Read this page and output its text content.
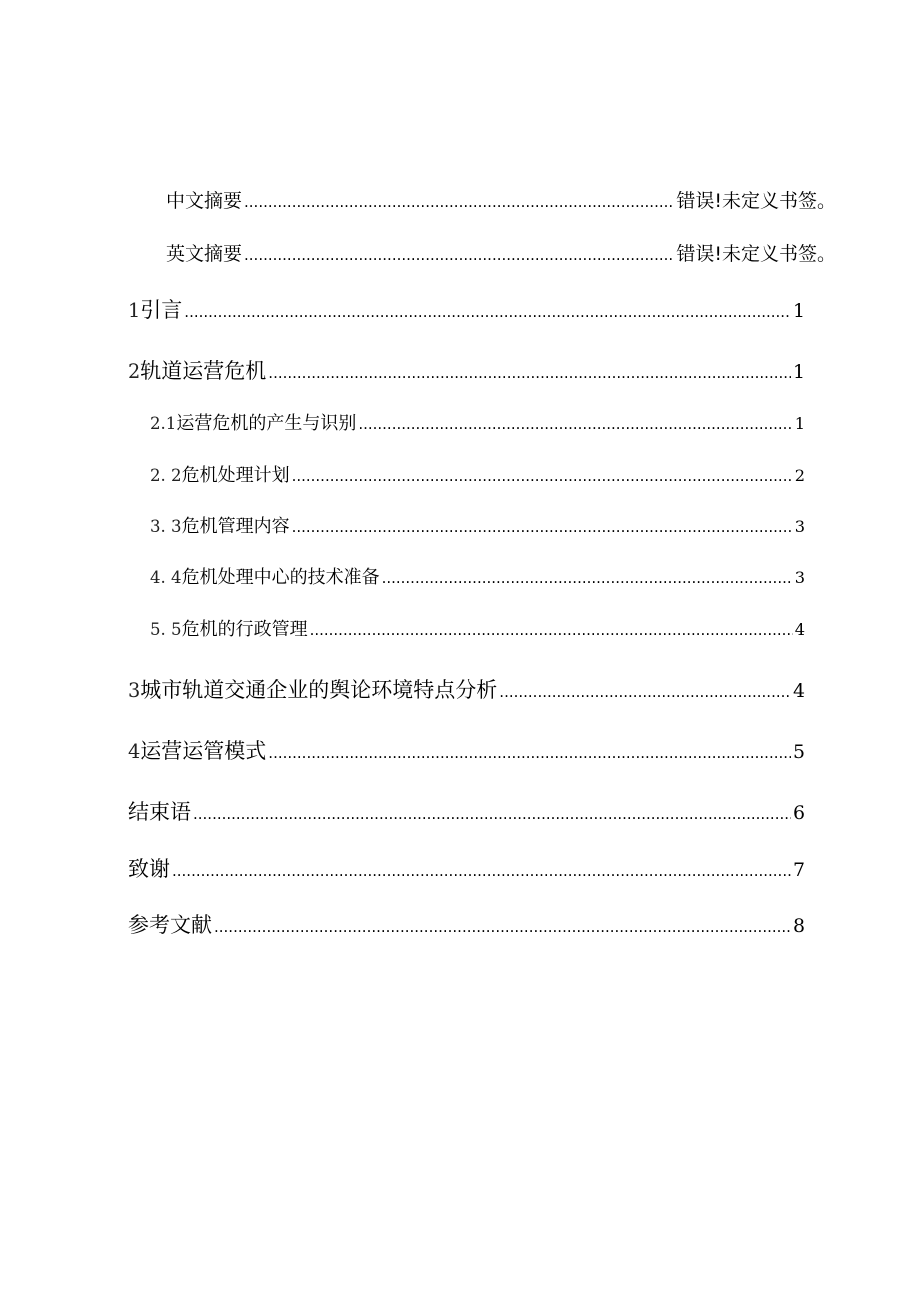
中文摘要 .....	错误!未定义书签。
英文摘要 .....	错误!未定义书签。
1 引言 .....	1
2 轨道运营危机 .....	1
2.1 运营危机的产生与识别 .....	1
2. 2 危机处理计划 .....	2
3. 3 危机管理内容 .....	3
4. 4 危机处理中心的技术准备 .....	3
5. 5 危机的行政管理 .....	4
3 城市轨道交通企业的舆论环境特点分析 .....	4
4 运营运管模式 .....	5
结束语 .....	6
致谢 .....	7
参考文献 .....	8
